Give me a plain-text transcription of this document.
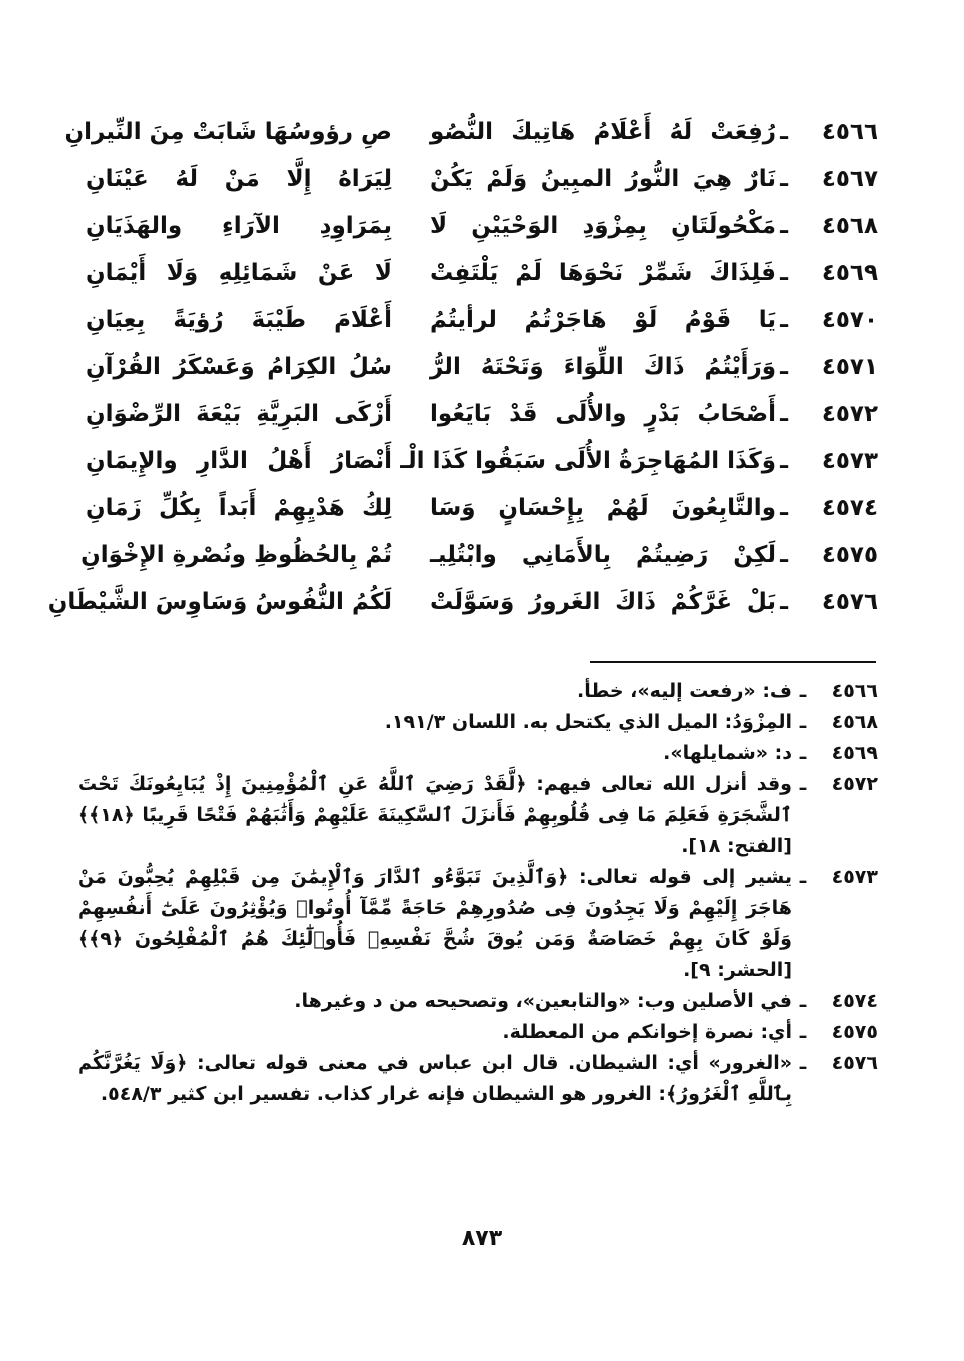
٤٥٦٦
ـ
رُفِعَتْ لَهُ أَعْلَامُ هَاتِيكَ النُّصُو
صِ رؤوسُهَا شَابَتْ مِنَ النِّيرانِ
٤٥٦٧
ـ
نَارٌ هِيَ النُّورُ المبِينُ وَلَمْ يَكُنْ
لِيَرَاهُ إِلَّا مَنْ لَهُ عَيْنَانِ
٤٥٦٨
ـ
مَكْحُولَتَانِ بِمِزْوَدِ الوَحْيَيْنِ لَا
بِمَرَاوِدِ الآرَاءِ والهَذَيَانِ
٤٥٦٩
ـ
فَلِذَاكَ شَمِّرْ نَحْوَهَا لَمْ يَلْتَفِتْ
لَا عَنْ شَمَائِلِهِ وَلَا أَيْمَانِ
٤٥٧٠
ـ
يَا قَوْمُ لَوْ هَاجَرْتُمُ لرأيتُمُ
أَعْلَامَ طَيْبَةَ رُؤيَةً بِعِيَانِ
٤٥٧١
ـ
وَرَأَيْتُمُ ذَاكَ اللِّوَاءَ وَتَحْتَهُ الرُّ
سُلُ الكِرَامُ وَعَسْكَرُ القُرْآنِ
٤٥٧٢
ـ
أَصْحَابُ بَدْرٍ والأُلَى قَدْ بَايَعُوا
أَزْكَى البَرِيَّةِ بَيْعَةَ الرِّضْوَانِ
٤٥٧٣
ـ
وَكَذَا المُهَاجِرَةُ الأُلَى سَبَقُوا كَذَا الْـ
أَنْصَارُ أَهْلُ الدَّارِ والإِيمَانِ
٤٥٧٤
ـ
والتَّابِعُونَ لَهُمْ بِإِحْسَانٍ وَسَا
لِكُ هَدْيِهِمْ أَبَداً بِكُلِّ زَمَانِ
٤٥٧٥
ـ
لَكِنْ رَضِيتُمْ بِالأَمَانِي وابْتُلِيـ
تُمْ بِالحُظُوظِ ونُصْرةِ الإِخْوَانِ
٤٥٧٦
ـ
بَلْ غَرَّكُمْ ذَاكَ الغَرورُ وَسَوَّلَتْ
لَكُمُ النُّفُوسُ وَسَاوِسَ الشَّيْطَانِ
٤٥٦٦
ـ
ف: «رفعت إليه»، خطأ.
٤٥٦٨
ـ
المِزْوَدُ: الميل الذي يكتحل به. اللسان ١٩١/٣.
٤٥٦٩
ـ
د: «شمايلها».
٤٥٧٢
ـ
وقد أنزل الله تعالى فيهم: ﴿لَّقَدْ رَضِيَ ٱللَّهُ عَنِ ٱلْمُؤْمِنِينَ إِذْ يُبَايِعُونَكَ تَحْتَ ٱلشَّجَرَةِ فَعَلِمَ مَا فِى قُلُوبِهِمْ فَأَنزَلَ ٱلسَّكِينَةَ عَلَيْهِمْ وَأَثَٰبَهُمْ فَتْحًا قَرِيبًا ﴿١٨﴾﴾ [الفتح: ١٨].
٤٥٧٣
ـ
يشير إلى قوله تعالى: ﴿وَٱلَّذِينَ تَبَوَّءُو ٱلدَّارَ وَٱلْإِيمَٰنَ مِن قَبْلِهِمْ يُحِبُّونَ مَنْ هَاجَرَ إِلَيْهِمْ وَلَا يَجِدُونَ فِى صُدُورِهِمْ حَاجَةً مِّمَّآ أُوتُوا۟ وَيُؤْثِرُونَ عَلَىٰٓ أَنفُسِهِمْ وَلَوْ كَانَ بِهِمْ خَصَاصَةٌ وَمَن يُوقَ شُحَّ نَفْسِهِۦ فَأُو۟لَٰٓئِكَ هُمُ ٱلْمُفْلِحُونَ ﴿٩﴾﴾ [الحشر: ٩].
٤٥٧٤
ـ
في الأصلين وب: «والتابعين»، وتصحيحه من د وغيرها.
٤٥٧٥
ـ
أي: نصرة إخوانكم من المعطلة.
٤٥٧٦
ـ
«الغرور» أي: الشيطان. قال ابن عباس في معنى قوله تعالى: ﴿وَلَا يَغُرَّنَّكُم بِٱللَّهِ ٱلْغَرُورُ﴾: الغرور هو الشيطان فإنه غرار كذاب. تفسير ابن كثير ٥٤٨/٣.
٨٧٣
